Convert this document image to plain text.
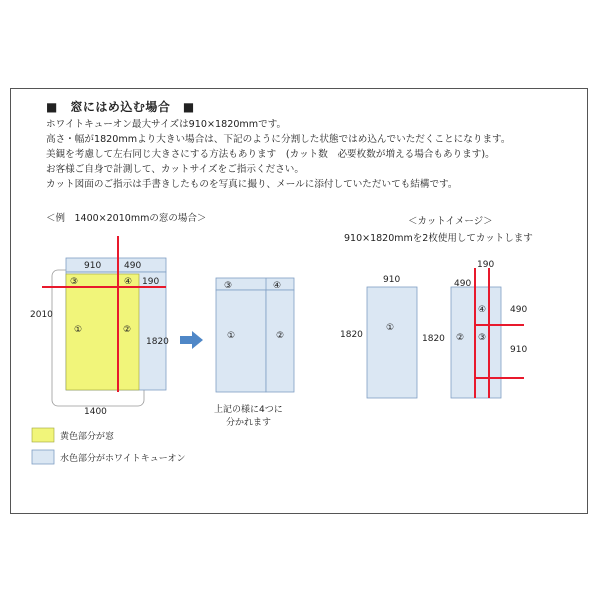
■　窓にはめ込む場合　■
ホワイトキューオン最大サイズは910×1820mmです。
高さ・幅が1820mmより大きい場合は、下記のように分割した状態ではめ込んでいただくことになります。
美観を考慮して左右同じ大きさにする方法もあります　(カット数　必要枚数が増える場合もあります)。
お客様ご自身で計測して、カットサイズをご指示ください。
カット図面のご指示は手書きしたものを写真に撮り、メールに添付していただいても結構です。
＜例　1400×2010mmの窓の場合＞	＜カットイメージ＞
910×1820mmを2枚使用してカットします
910	490
190
③	④
①	②
2010
1820
1400
③	④
①	②
上記の様に4つに
分かれます
910
1820
①
490
190
490
910
1820 ②
④
③
黄色部分が窓
水色部分がホワイトキューオン
